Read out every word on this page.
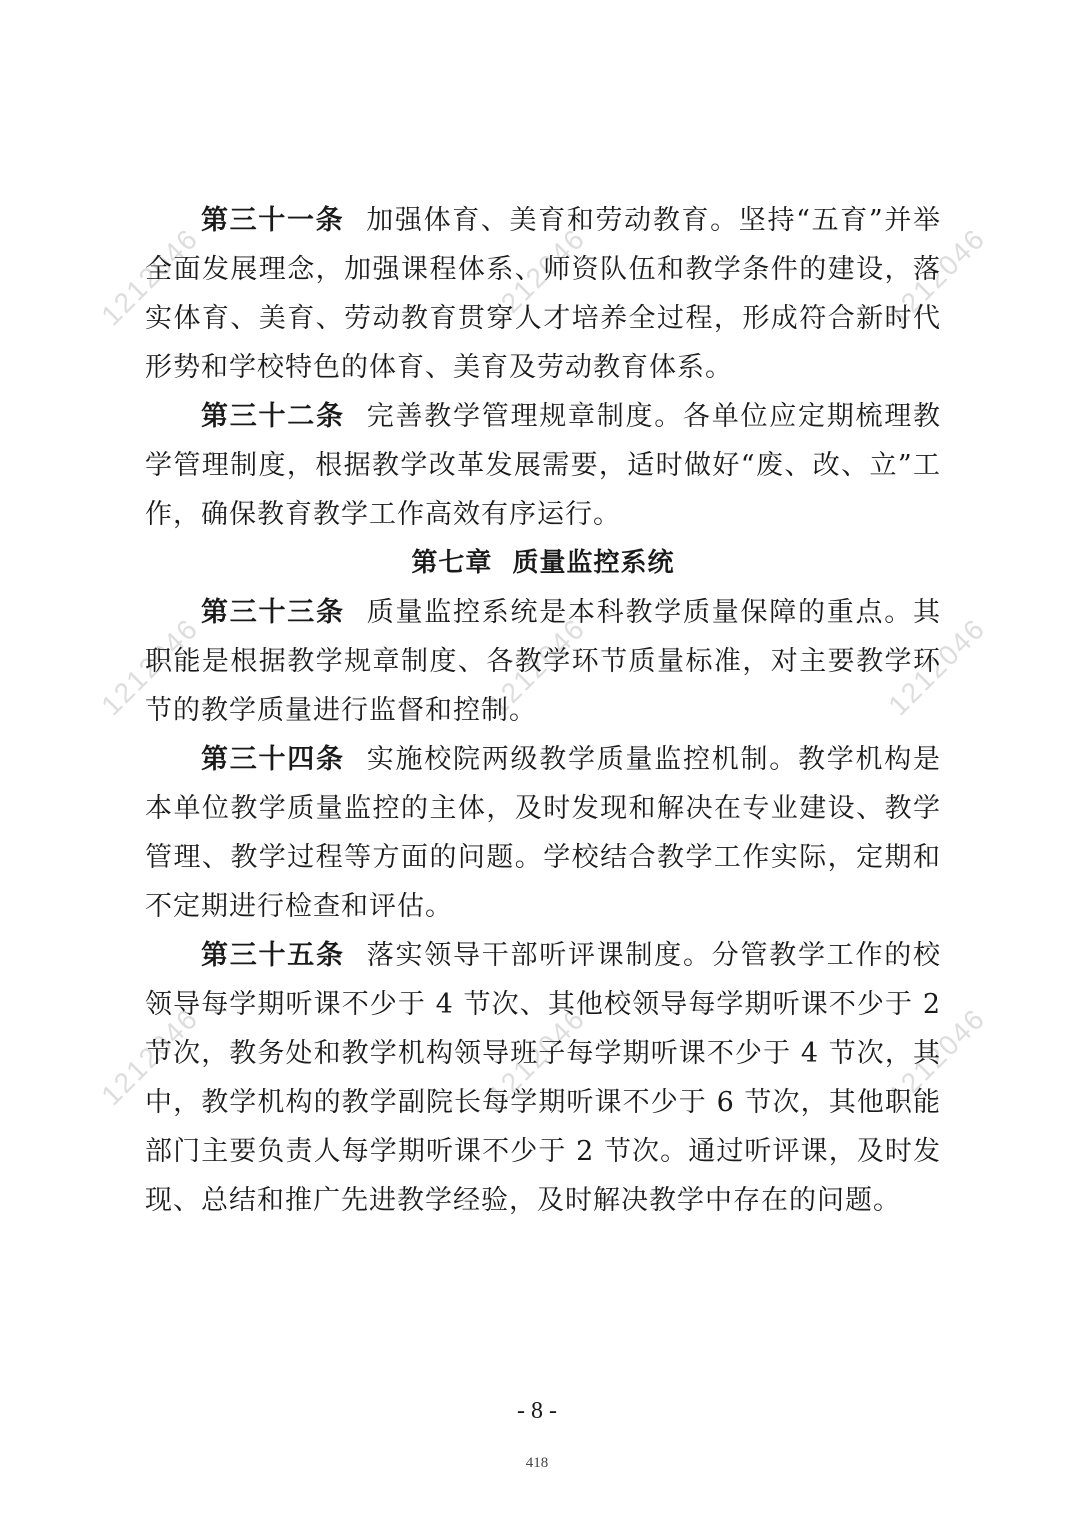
1212046	1212046	1212046
1212046	1212046	1212046
1212046	1212046	1212046

第三十一条 加强体育、美育和劳动教育。坚持“五育”并举全面发展理念，加强课程体系、师资队伍和教学条件的建设，落实体育、美育、劳动教育贯穿人才培养全过程，形成符合新时代形势和学校特色的体育、美育及劳动教育体系。

第三十二条 完善教学管理规章制度。各单位应定期梳理教学管理制度，根据教学改革发展需要，适时做好“废、改、立”工作，确保教育教学工作高效有序运行。

第七章 质量监控系统

第三十三条 质量监控系统是本科教学质量保障的重点。其职能是根据教学规章制度、各教学环节质量标准，对主要教学环节的教学质量进行监督和控制。

第三十四条 实施校院两级教学质量监控机制。教学机构是本单位教学质量监控的主体，及时发现和解决在专业建设、教学管理、教学过程等方面的问题。学校结合教学工作实际，定期和不定期进行检查和评估。

第三十五条 落实领导干部听评课制度。分管教学工作的校领导每学期听课不少于 4 节次、其他校领导每学期听课不少于 2 节次，教务处和教学机构领导班子每学期听课不少于 4 节次，其中，教学机构的教学副院长每学期听课不少于 6 节次，其他职能部门主要负责人每学期听课不少于 2 节次。通过听评课，及时发现、总结和推广先进教学经验，及时解决教学中存在的问题。

- 8 -
418
